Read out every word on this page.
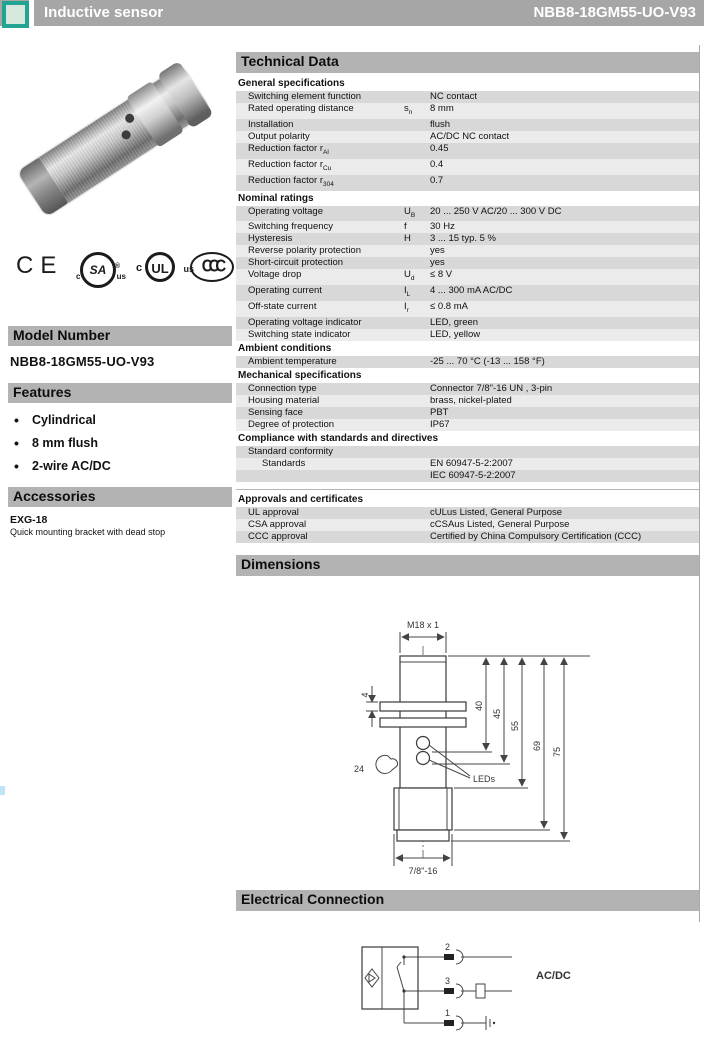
Inductive sensor	NBB8-18GM55-UO-V93
CE	SA ®
c	us
c UL	us CCC
Model Number
NBB8-18GM55-UO-V93
Features
• Cylindrical
• 8 mm flush
• 2-wire AC/DC
Accessories
EXG-18
Quick mounting bracket with dead stop
Technical Data
General specifications
Switching element function	NC contact
Rated operating distance	$s_n$	8 mm
Installation	flush
Output polarity	AC/DC NC contact
Reduction factor $r_{Al}$	0.45
Reduction factor $r_{Cu}$	0.4
Reduction factor $r_{304}$	0.7
Nominal ratings
Operating voltage	$U_B$	20 ... 250 V AC/20 ... 300 V DC
Switching frequency	f	30 Hz
Hysteresis	H	3 ... 15 typ. 5 %
Reverse polarity protection	yes
Short-circuit protection	yes
Voltage drop	$U_d$	≤ 8 V
Operating current	$I_L$	4 ... 300 mA AC/DC
Off-state current	$I_r$	≤ 0.8 mA
Operating voltage indicator	LED, green
Switching state indicator	LED, yellow
Ambient conditions
Ambient temperature	-25 ... 70 °C (-13 ... 158 °F)
Mechanical specifications
Connection type	Connector 7/8"-16 UN , 3-pin
Housing material	brass, nickel-plated
Sensing face	PBT
Degree of protection	IP67
Compliance with standards and directives
Standard conformity
Standards	EN 60947-5-2:2007
IEC 60947-5-2:2007
Approvals and certificates
UL approval	cULus Listed, General Purpose
CSA approval	cCSAus Listed, General Purpose
CCC approval	Certified by China Compulsory Certification (CCC)
Dimensions
LEDs
M18 x 1
40
45
55
69
75
4
24
7/8"-16
Electrical Connection
2
AC/DC
3
1
